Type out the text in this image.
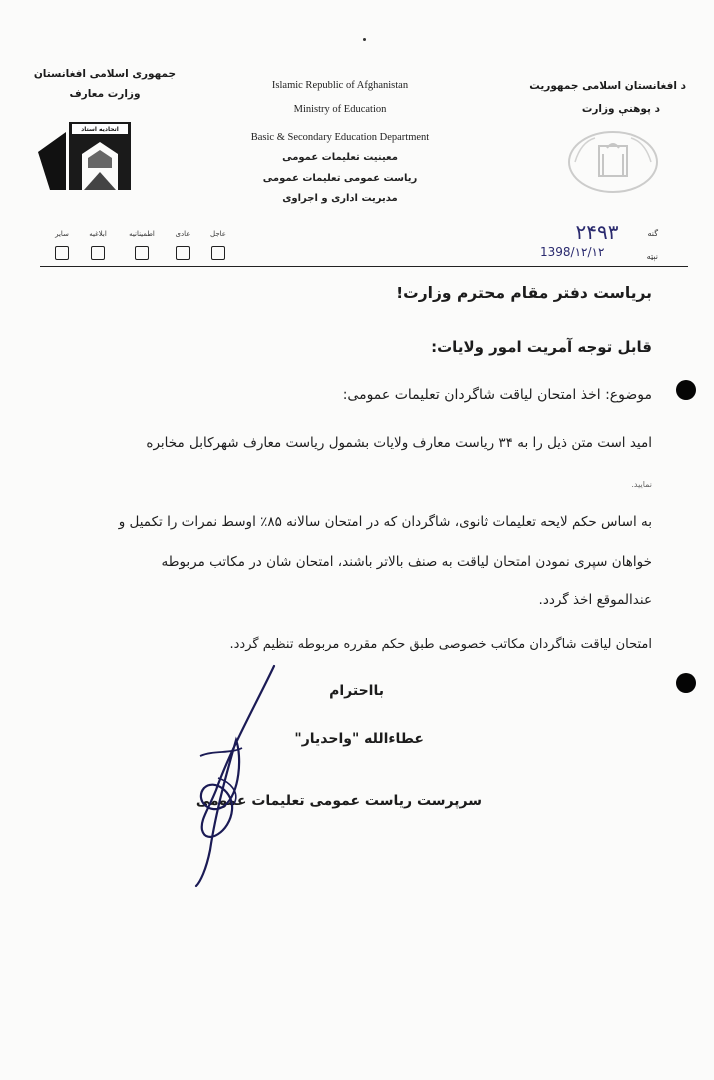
جمهوری اسلامی افغانستان
وزارت معارف
اتحادیه استاد
Islamic Republic of Afghanistan
Ministry of Education
Basic & Secondary Education Department
معینیت تعلیمات عمومی
ریاست عمومی تعلیمات عمومی
مدیریت اداری و اجراوی
د افغانستان اسلامی جمهوریت
د پوهنې وزارت
عاجل
عادی
اطمینانیه
ابلاغیه
سایر	گنه
۲۴۹۳
نېټه
1398/۱۲/۱۲
بریاست دفتر مقام محترم وزارت!
قابل توجه آمریت امور ولایات:
موضوع: اخذ امتحان لیاقت شاگردان تعلیمات عمومی:
امید است متن ذیل را به ۳۴ ریاست معارف ولایات بشمول ریاست معارف شهرکابل مخابره
نمایید.
به اساس حکم لایحه تعلیمات ثانوی، شاگردان که در امتحان سالانه ۸۵٪ اوسط نمرات را تکمیل و
خواهان سپری نمودن امتحان لیاقت به صنف بالاتر باشند، امتحان شان در مکاتب مربوطه
عندالموقع اخذ گردد.
امتحان لیاقت شاگردان مکاتب خصوصی طبق حکم مقرره مربوطه تنظیم گردد.
بااحترام
عطاءالله "واحدیار"
سرپرست ریاست عمومی تعلیمات عمومی
